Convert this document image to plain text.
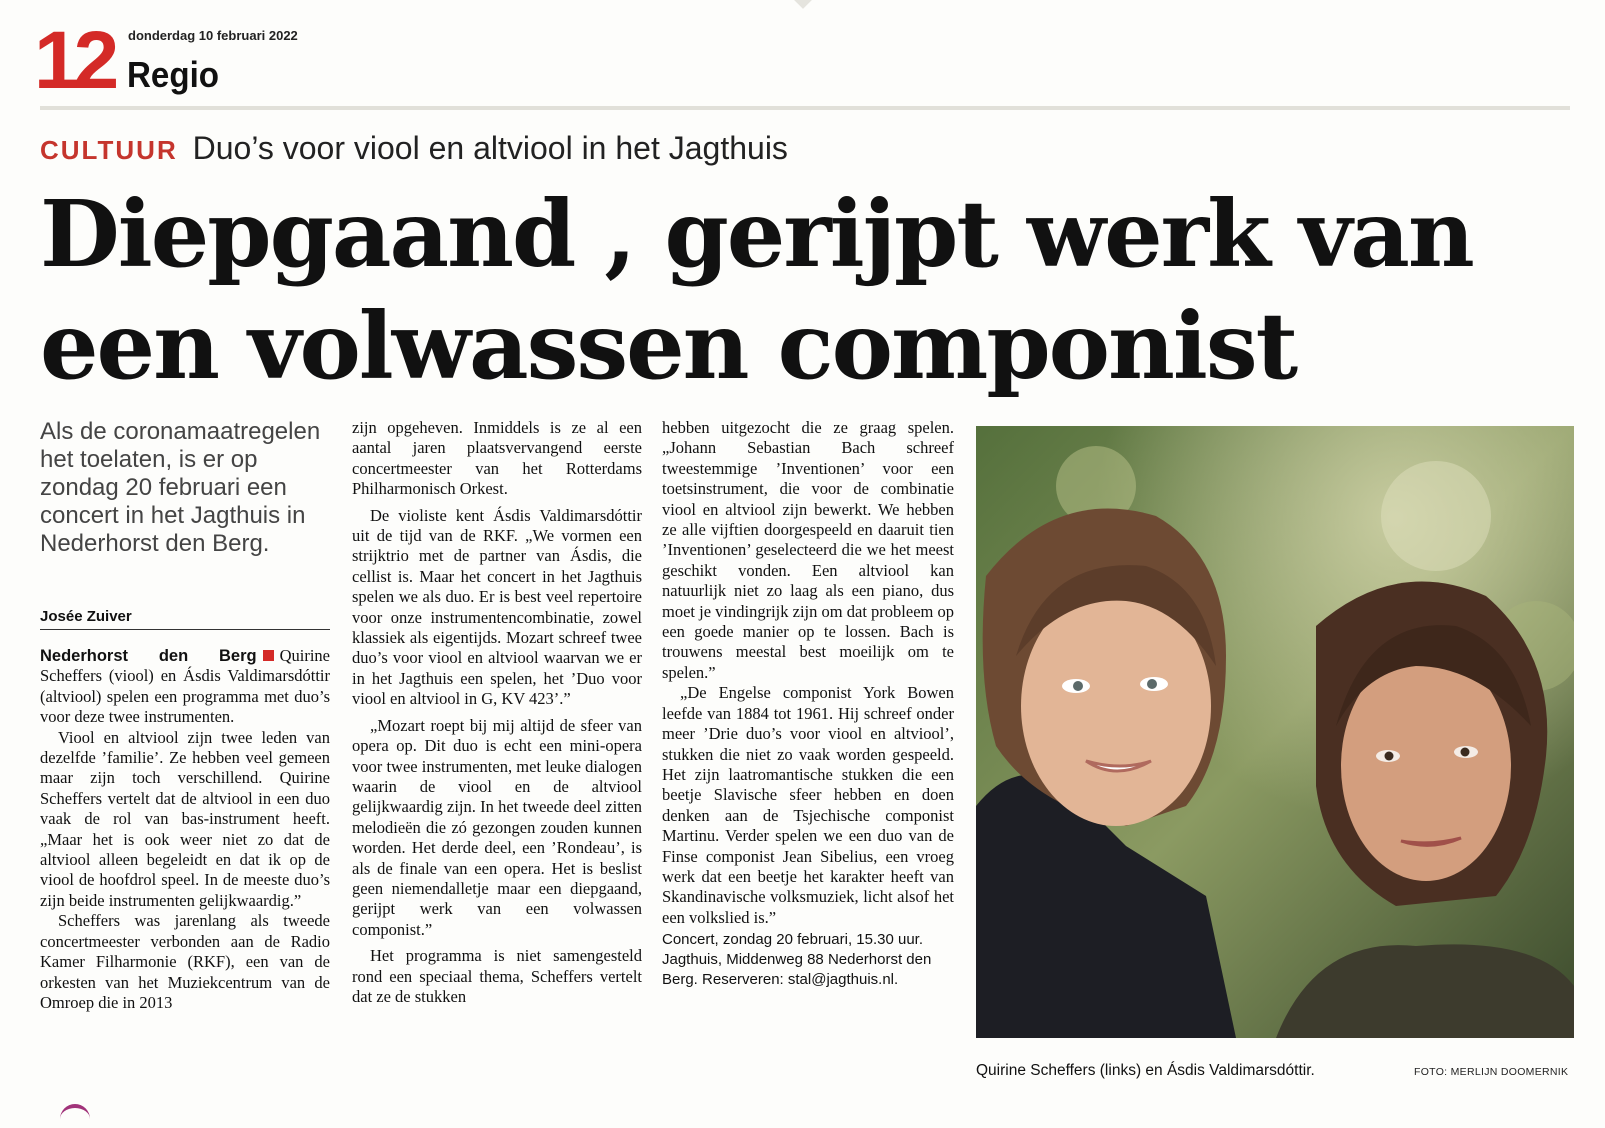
12 donderdag 10 februari 2022
Regio
CULTUUR Duo’s voor viool en altviool in het Jagthuis
Diepgaand , gerijpt werk van
een volwassen componist
Als de coronamaatregelen het toelaten, is er op zondag 20 februari een concert in het Jagthuis in Nederhorst den Berg.
Josée Zuiver

Nederhorst den Berg Quirine Scheffers (viool) en Ásdis Valdimarsdóttir (altviool) spelen een programma met duo’s voor deze twee instrumenten.

Viool en altviool zijn twee leden van dezelfde ’familie’. Ze hebben veel gemeen maar zijn toch verschillend. Quirine Scheffers vertelt dat de altviool in een duo vaak de rol van bas-instrument heeft. „Maar het is ook weer niet zo dat de altviool alleen begeleidt en dat ik op de viool de hoofdrol speel. In de meeste duo’s zijn beide instrumenten gelijkwaardig.”

Scheffers was jarenlang als tweede concertmeester verbonden aan de Radio Kamer Filharmonie (RKF), een van de orkesten van het Muziekcentrum van de Omroep die in 2013

zijn opgeheven. Inmiddels is ze al een aantal jaren plaatsvervangend eerste concertmeester van het Rotterdams Philharmonisch Orkest.

De violiste kent Ásdis Valdimarsdóttir uit de tijd van de RKF. „We vormen een strijktrio met de partner van Ásdis, die cellist is. Maar het concert in het Jagthuis spelen we als duo. Er is best veel repertoire voor onze instrumentencombinatie, zowel klassiek als eigentijds. Mozart schreef twee duo’s voor viool en altviool waarvan we er in het Jagthuis een spelen, het ’Duo voor viool en altviool in G, KV 423’.”

„Mozart roept bij mij altijd de sfeer van opera op. Dit duo is echt een mini-opera voor twee instrumenten, met leuke dialogen waarin de viool en de altviool gelijkwaardig zijn. In het tweede deel zitten melodieën die zó gezongen zouden kunnen worden. Het derde deel, een ’Rondeau’, is als de finale van een opera. Het is beslist geen niemendalletje maar een diepgaand, gerijpt werk van een volwassen componist.”

Het programma is niet samengesteld rond een speciaal thema, Scheffers vertelt dat ze de stukken

hebben uitgezocht die ze graag spelen. „Johann Sebastian Bach schreef tweestemmige ’Inventionen’ voor een toetsinstrument, die voor de combinatie viool en altviool zijn bewerkt. We hebben ze alle vijftien doorgespeeld en daaruit tien ’Inventionen’ geselecteerd die we het meest geschikt vonden. Een altviool kan natuurlijk niet zo laag als een piano, dus moet je vindingrijk zijn om dat probleem op een goede manier op te lossen. Bach is trouwens meestal best moeilijk om te spelen.”

„De Engelse componist York Bowen leefde van 1884 tot 1961. Hij schreef onder meer ’Drie duo’s voor viool en altviool’, stukken die niet zo vaak worden gespeeld. Het zijn laatromantische stukken die een beetje Slavische sfeer hebben en doen denken aan de Tsjechische componist Martinu. Verder spelen we een duo van de Finse componist Jean Sibelius, een vroeg werk dat een beetje het karakter heeft van Skandinavische volksmuziek, licht alsof het een volkslied is.”

Concert, zondag 20 februari, 15.30 uur. Jagthuis, Middenweg 88 Nederhorst den Berg. Reserveren: stal@jagthuis.nl.

Quirine Scheffers (links) en Ásdis Valdimarsdóttir.	FOTO: MERLIJN DOOMERNIK
